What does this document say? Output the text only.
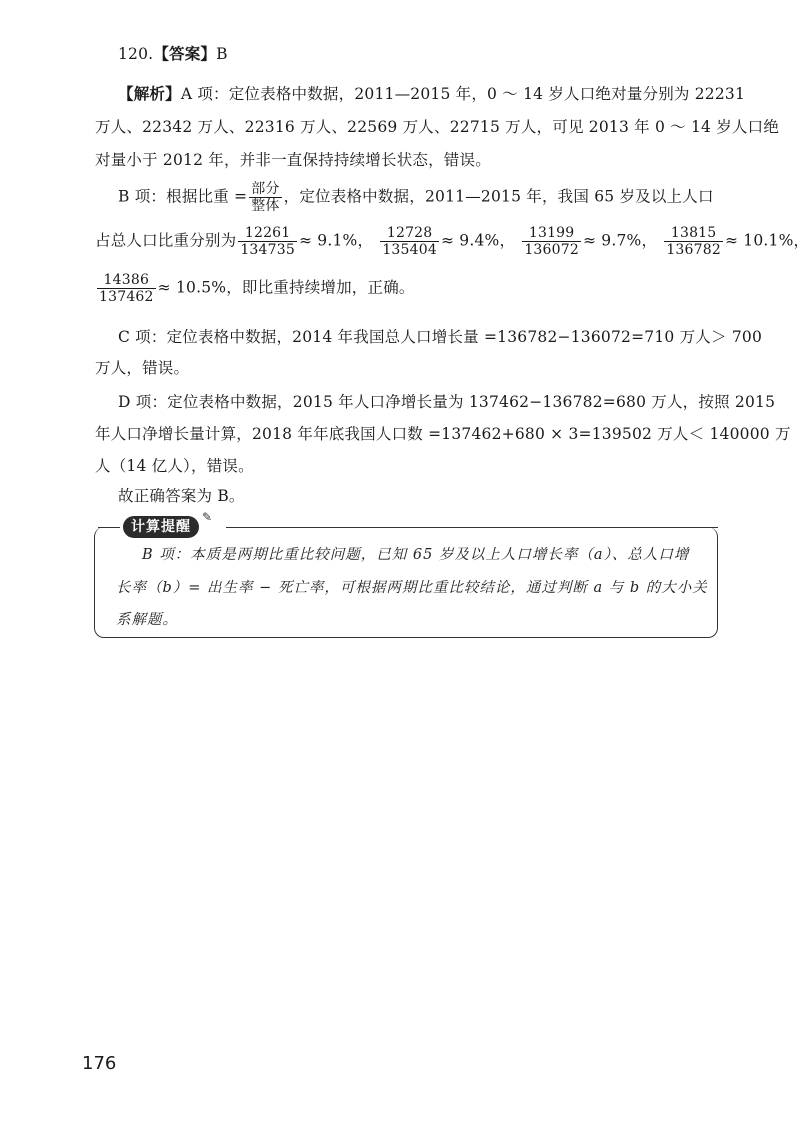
120.【答案】B
【解析】A 项：定位表格中数据，2011—2015 年，0 ～ 14 岁人口绝对量分别为 22231
万人、22342 万人、22316 万人、22569 万人、22715 万人，可见 2013 年 0 ～ 14 岁人口绝
对量小于 2012 年，并非一直保持持续增长状态，错误。
B 项：根据比重 = $\frac{\text{部分}}{\text{整体}}$ ，定位表格中数据，2011—2015 年，我国 65 岁及以上人口
占总人口比重分别为 $\frac{12261}{134735} \approx 9.1\%$， $\frac{12728}{135404} \approx 9.4\%$， $\frac{13199}{136072} \approx 9.7\%$， $\frac{13815}{136782} \approx 10.1\%$，
$\frac{14386}{137462} \approx 10.5\%$，即比重持续增加，正确。
C 项：定位表格中数据，2014 年我国总人口增长量 =136782−136072=710 万人＞ 700
万人，错误。
D 项：定位表格中数据，2015 年人口净增长量为 137462−136782=680 万人，按照 2015
年人口净增长量计算，2018 年年底我国人口数 =137462+680 × 3=139502 万人＜ 140000 万
人（14 亿人），错误。
故正确答案为 B。
计算提醒
✎
B 项：本质是两期比重比较问题，已知 65 岁及以上人口增长率（a）、总人口增
长率（b）= 出生率 − 死亡率，可根据两期比重比较结论，通过判断 a 与 b 的大小关
系解题。
176
